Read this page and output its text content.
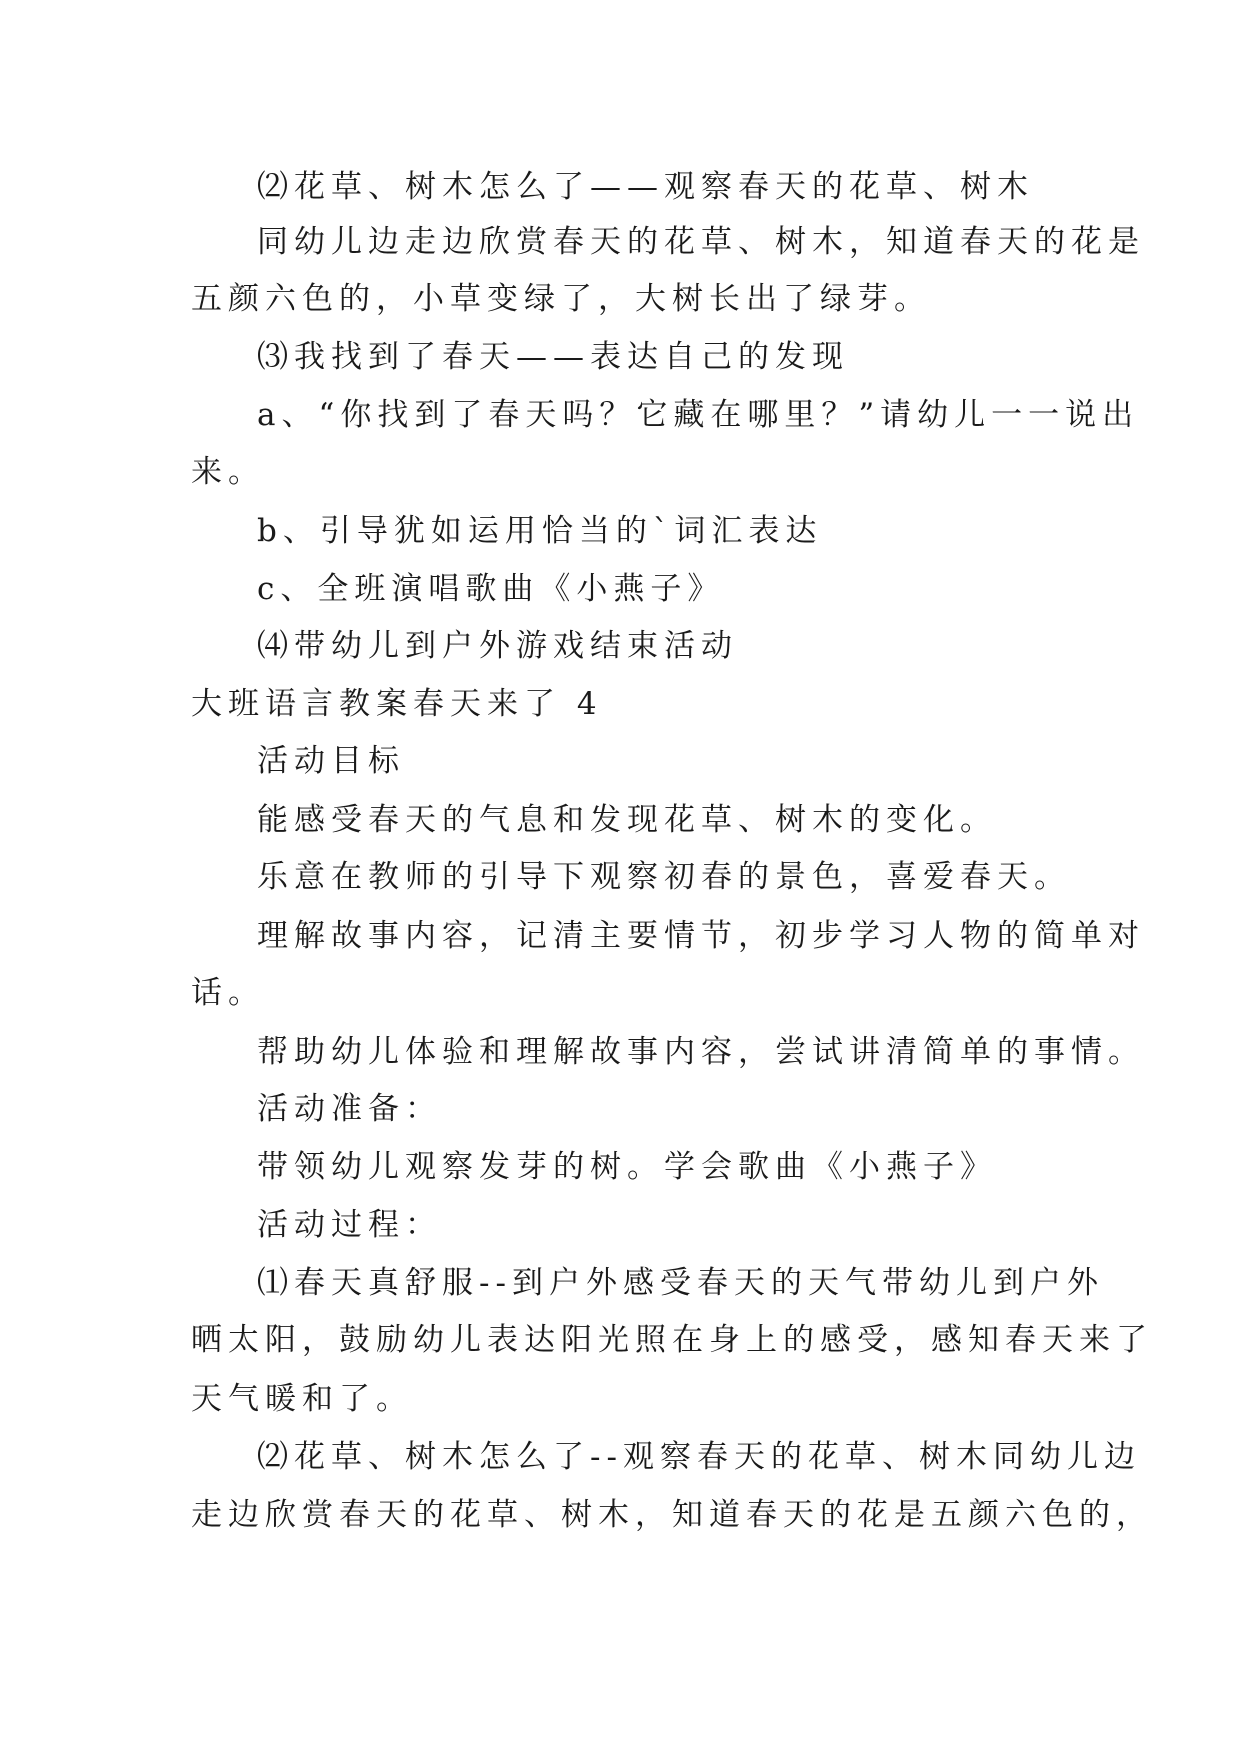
⑵花草、树木怎么了——观察春天的花草、树木
同幼儿边走边欣赏春天的花草、树木，知道春天的花是
五颜六色的，小草变绿了，大树长出了绿芽。
⑶我找到了春天——表达自己的发现
a、“你找到了春天吗？它藏在哪里？”请幼儿一一说出
来。
b、引导犹如运用恰当的`词汇表达
c、全班演唱歌曲《小燕子》
⑷带幼儿到户外游戏结束活动
大班语言教案春天来了 4
活动目标
能感受春天的气息和发现花草、树木的变化。
乐意在教师的引导下观察初春的景色，喜爱春天。
理解故事内容，记清主要情节，初步学习人物的简单对
话。
帮助幼儿体验和理解故事内容，尝试讲清简单的事情。
活动准备：
带领幼儿观察发芽的树。学会歌曲《小燕子》
活动过程：
⑴春天真舒服--到户外感受春天的天气带幼儿到户外
晒太阳，鼓励幼儿表达阳光照在身上的感受，感知春天来了
天气暖和了。
⑵花草、树木怎么了--观察春天的花草、树木同幼儿边
走边欣赏春天的花草、树木，知道春天的花是五颜六色的，
